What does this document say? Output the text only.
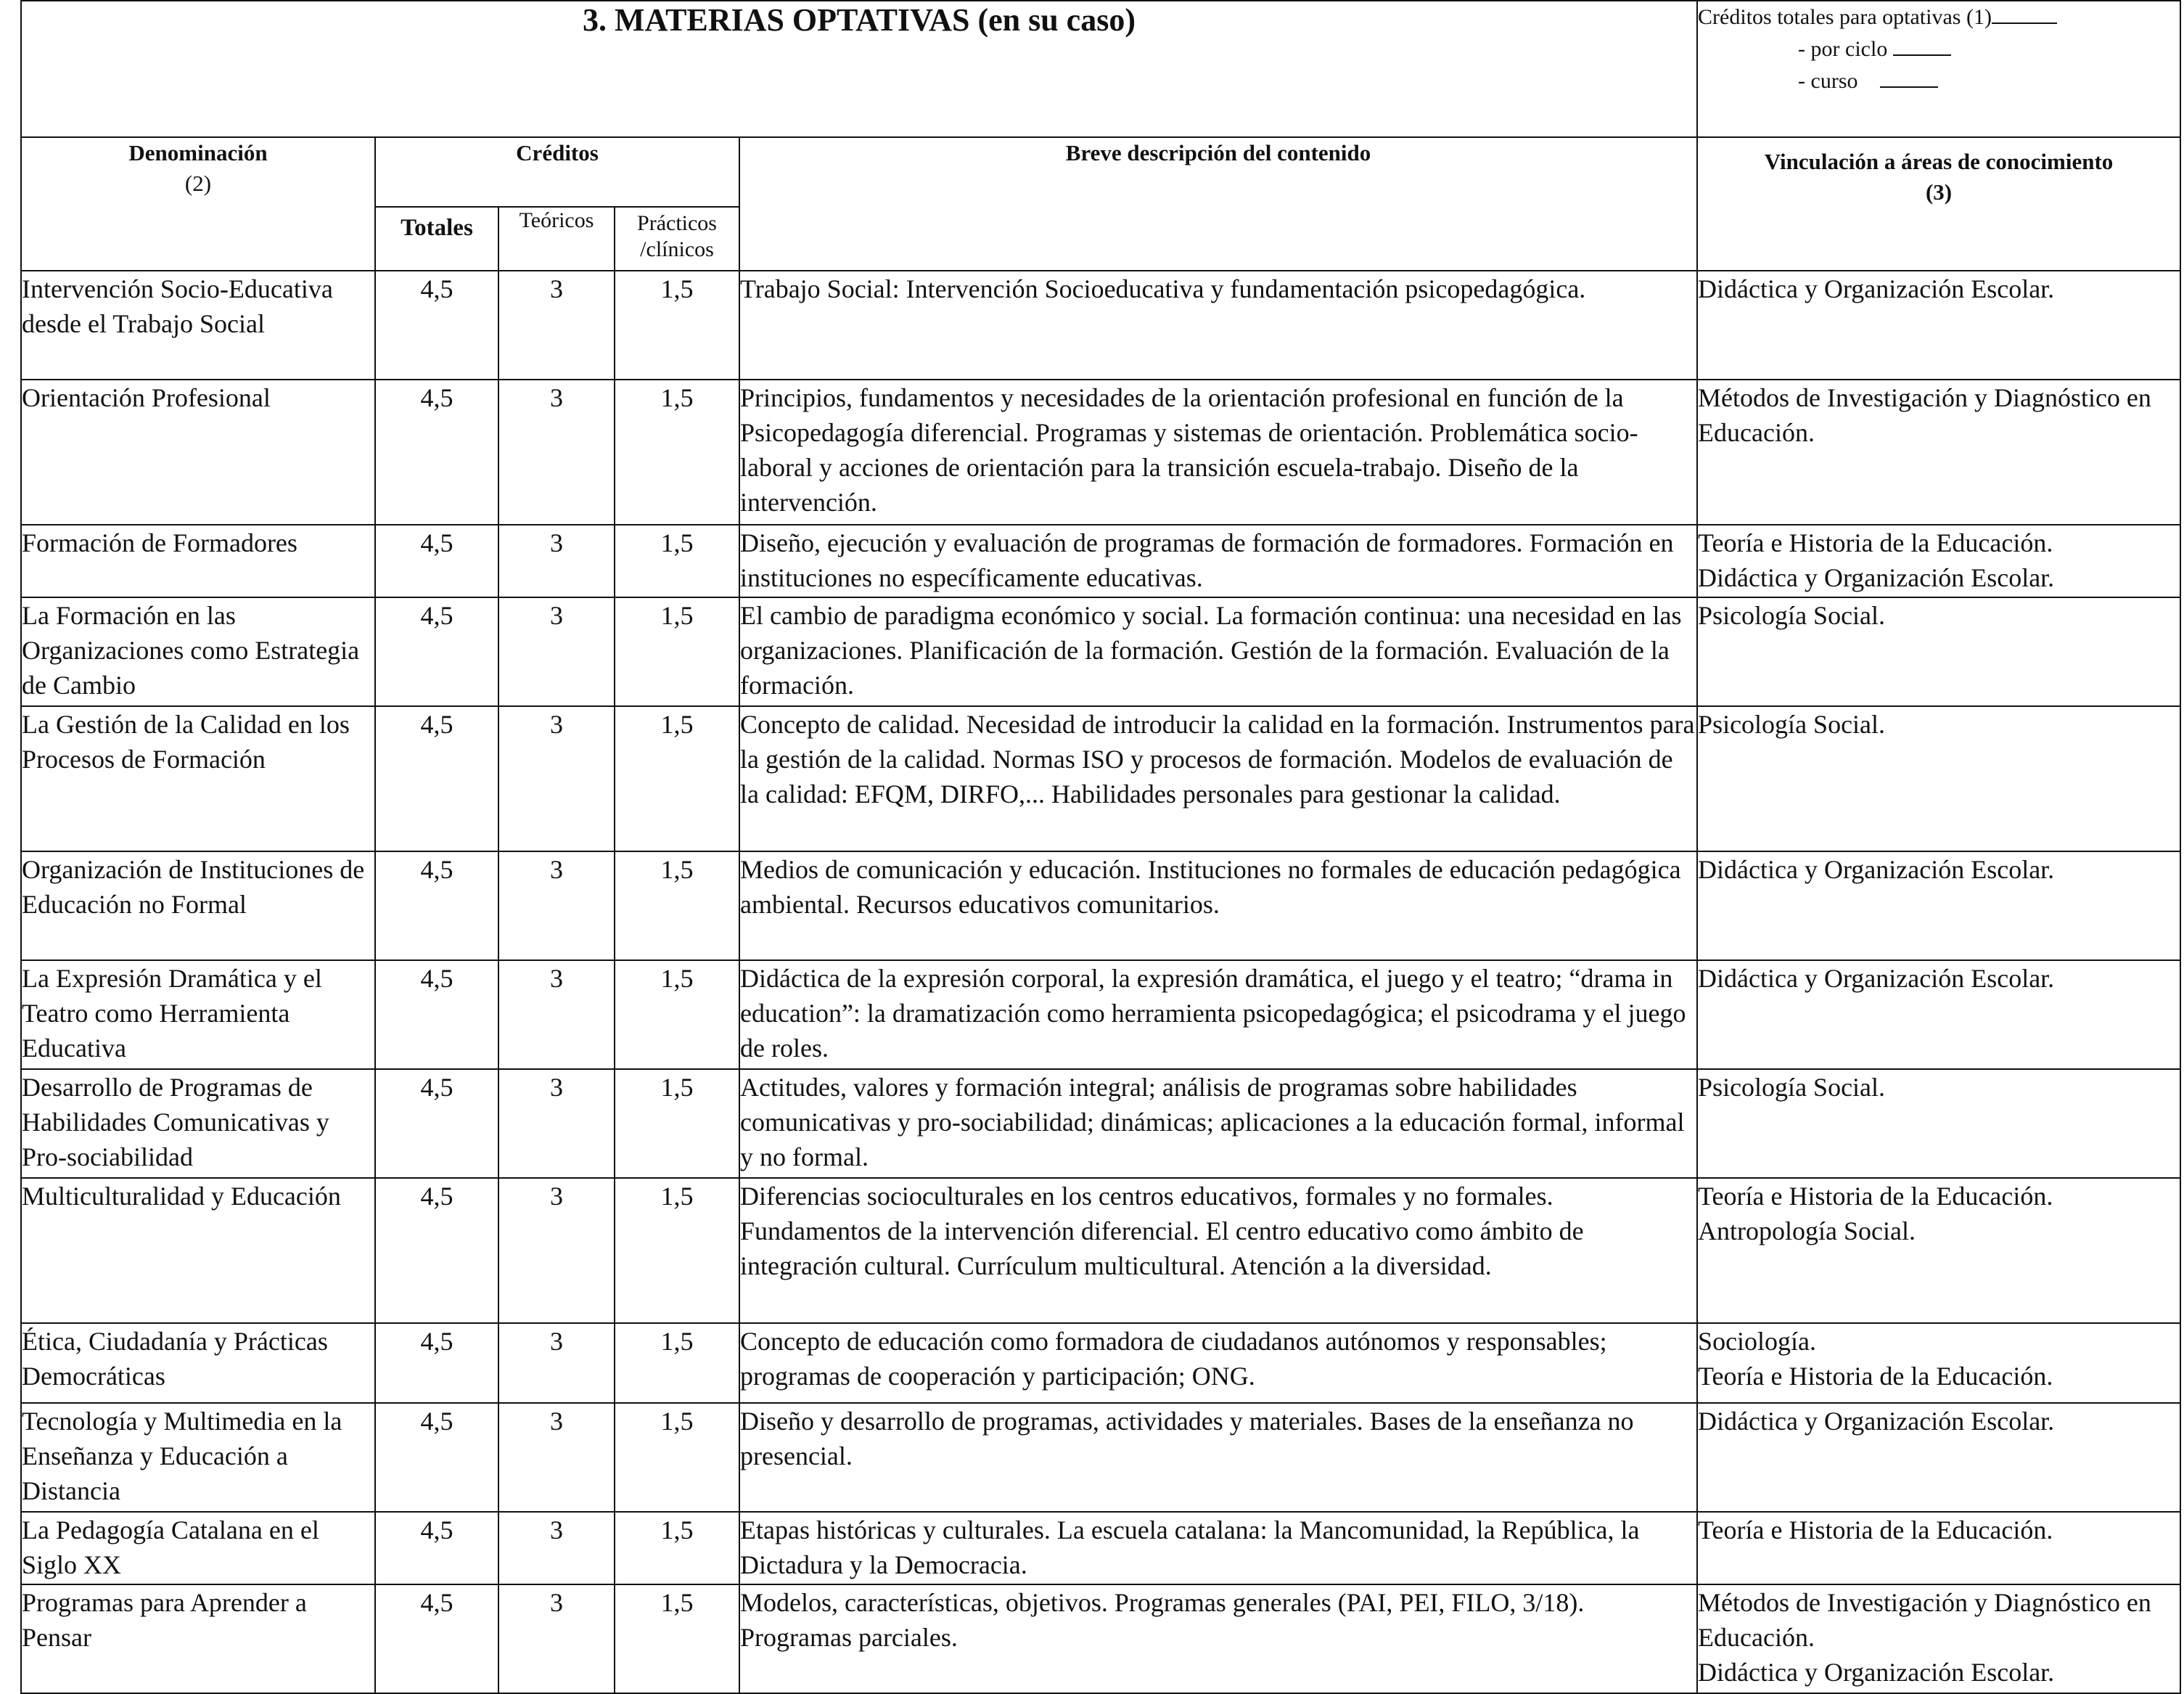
3. MATERIAS OPTATIVAS (en su caso)					Créditos totales para optativas (1)
- por ciclo
- curso

Denominación
(2)	Créditos			Breve descripción del contenido	Vinculación a áreas de conocimiento (3)
	Totales	Teóricos	Prácticos /clínicos		
Intervención Socio-Educativa desde el Trabajo Social	4,5	3	1,5	Trabajo Social: Intervención Socioeducativa y fundamentación psicopedagógica.	Didáctica y Organización Escolar.

Orientación Profesional	4,5	3	1,5	Principios, fundamentos y necesidades de la orientación profesional en función de la Psicopedagogía diferencial. Programas y sistemas de orientación. Problemática socio-laboral y acciones de orientación para la transición escuela-trabajo. Diseño de la intervención.	Métodos de Investigación y Diagnóstico en Educación.

Formación de Formadores	4,5	3	1,5	Diseño, ejecución y evaluación de programas de formación de formadores. Formación en instituciones no específicamente educativas.	Teoría e Historia de la Educación.
Didáctica y Organización Escolar.

La Formación en las Organizaciones como Estrategia de Cambio	4,5	3	1,5	El cambio de paradigma económico y social. La formación continua: una necesidad en las organizaciones. Planificación de la formación. Gestión de la formación. Evaluación de la formación.	Psicología Social.

La Gestión de la Calidad en los Procesos de Formación	4,5	3	1,5	Concepto de calidad. Necesidad de introducir la calidad en la formación. Instrumentos para la gestión de la calidad. Normas ISO y procesos de formación. Modelos de evaluación de la calidad: EFQM, DIRFO,... Habilidades personales para gestionar la calidad.	Psicología Social.

Organización de Instituciones de Educación no Formal	4,5	3	1,5	Medios de comunicación y educación. Instituciones no formales de educación pedagógica ambiental. Recursos educativos comunitarios.	Didáctica y Organización Escolar.

La Expresión Dramática y el Teatro como Herramienta Educativa	4,5	3	1,5	Didáctica de la expresión corporal, la expresión dramática, el juego y el teatro; “drama in education”: la dramatización como herramienta psicopedagógica; el psicodrama y el juego de roles.	Didáctica y Organización Escolar.

Desarrollo de Programas de Habilidades Comunicativas y Pro-sociabilidad	4,5	3	1,5	Actitudes, valores y formación integral; análisis de programas sobre habilidades comunicativas y pro-sociabilidad; dinámicas; aplicaciones a la educación formal, informal y no formal.	Psicología Social.

Multiculturalidad y Educación	4,5	3	1,5	Diferencias socioculturales en los centros educativos, formales y no formales. Fundamentos de la intervención diferencial. El centro educativo como ámbito de integración cultural. Currículum multicultural. Atención a la diversidad.	Teoría e Historia de la Educación.
Antropología Social.

Ética, Ciudadanía y Prácticas Democráticas	4,5	3	1,5	Concepto de educación como formadora de ciudadanos autónomos y responsables; programas de cooperación y participación; ONG.	Sociología.
Teoría e Historia de la Educación.

Tecnología y Multimedia en la Enseñanza y Educación a Distancia	4,5	3	1,5	Diseño y desarrollo de programas, actividades y materiales. Bases de la enseñanza no presencial.	Didáctica y Organización Escolar.

La Pedagogía Catalana en el Siglo XX	4,5	3	1,5	Etapas históricas y culturales. La escuela catalana: la Mancomunidad, la República, la Dictadura y la Democracia.	Teoría e Historia de la Educación.

Programas para Aprender a Pensar	4,5	3	1,5	Modelos, características, objetivos. Programas generales (PAI, PEI, FILO, 3/18). Programas parciales.	Métodos de Investigación y Diagnóstico en Educación.
Didáctica y Organización Escolar.
